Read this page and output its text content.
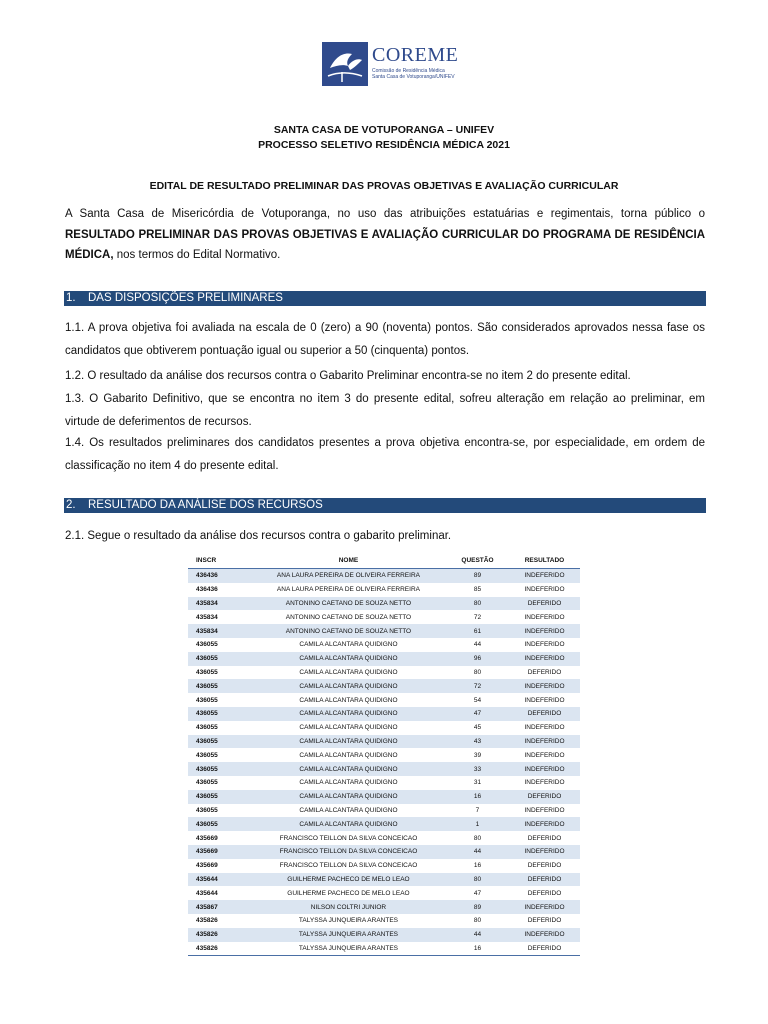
COREME
Comissão de Residência Médica
Santa Casa de Votuporanga/UNIFEV
SANTA CASA DE VOTUPORANGA – UNIFEV
PROCESSO SELETIVO RESIDÊNCIA MÉDICA 2021
EDITAL DE RESULTADO PRELIMINAR DAS PROVAS OBJETIVAS E AVALIAÇÃO CURRICULAR
A Santa Casa de Misericórdia de Votuporanga, no uso das atribuições estatuárias e regimentais, torna público o RESULTADO PRELIMINAR DAS PROVAS OBJETIVAS E AVALIAÇÃO CURRICULAR DO PROGRAMA DE RESIDÊNCIA MÉDICA, nos termos do Edital Normativo.
1. DAS DISPOSIÇÕES PRELIMINARES
1.1. A prova objetiva foi avaliada na escala de 0 (zero) a 90 (noventa) pontos. São considerados aprovados nessa fase os candidatos que obtiverem pontuação igual ou superior a 50 (cinquenta) pontos.
1.2. O resultado da análise dos recursos contra o Gabarito Preliminar encontra-se no item 2 do presente edital.
1.3. O Gabarito Definitivo, que se encontra no item 3 do presente edital, sofreu alteração em relação ao preliminar, em virtude de deferimentos de recursos.
1.4. Os resultados preliminares dos candidatos presentes a prova objetiva encontra-se, por especialidade, em ordem de classificação no item 4 do presente edital.
2. RESULTADO DA ANÁLISE DOS RECURSOS
2.1. Segue o resultado da análise dos recursos contra o gabarito preliminar.
INSCR	NOME	QUESTÃO	RESULTADO
436436	ANA LAURA PEREIRA DE OLIVEIRA FERREIRA	89	INDEFERIDO
436436	ANA LAURA PEREIRA DE OLIVEIRA FERREIRA	85	INDEFERIDO
435834	ANTONINO CAETANO DE SOUZA NETTO	80	DEFERIDO
435834	ANTONINO CAETANO DE SOUZA NETTO	72	INDEFERIDO
435834	ANTONINO CAETANO DE SOUZA NETTO	61	INDEFERIDO
436055	CAMILA ALCANTARA QUIDIGNO	44	INDEFERIDO
436055	CAMILA ALCANTARA QUIDIGNO	96	INDEFERIDO
436055	CAMILA ALCANTARA QUIDIGNO	80	DEFERIDO
436055	CAMILA ALCANTARA QUIDIGNO	72	INDEFERIDO
436055	CAMILA ALCANTARA QUIDIGNO	54	INDEFERIDO
436055	CAMILA ALCANTARA QUIDIGNO	47	DEFERIDO
436055	CAMILA ALCANTARA QUIDIGNO	45	INDEFERIDO
436055	CAMILA ALCANTARA QUIDIGNO	43	INDEFERIDO
436055	CAMILA ALCANTARA QUIDIGNO	39	INDEFERIDO
436055	CAMILA ALCANTARA QUIDIGNO	33	INDEFERIDO
436055	CAMILA ALCANTARA QUIDIGNO	31	INDEFERIDO
436055	CAMILA ALCANTARA QUIDIGNO	16	DEFERIDO
436055	CAMILA ALCANTARA QUIDIGNO	7	INDEFERIDO
436055	CAMILA ALCANTARA QUIDIGNO	1	INDEFERIDO
435669	FRANCISCO TEILLON DA SILVA CONCEICAO	80	DEFERIDO
435669	FRANCISCO TEILLON DA SILVA CONCEICAO	44	INDEFERIDO
435669	FRANCISCO TEILLON DA SILVA CONCEICAO	16	DEFERIDO
435644	GUILHERME PACHECO DE MELO LEAO	80	DEFERIDO
435644	GUILHERME PACHECO DE MELO LEAO	47	DEFERIDO
435867	NILSON COLTRI JUNIOR	89	INDEFERIDO
435826	TALYSSA JUNQUEIRA ARANTES	80	DEFERIDO
435826	TALYSSA JUNQUEIRA ARANTES	44	INDEFERIDO
435826	TALYSSA JUNQUEIRA ARANTES	16	DEFERIDO
